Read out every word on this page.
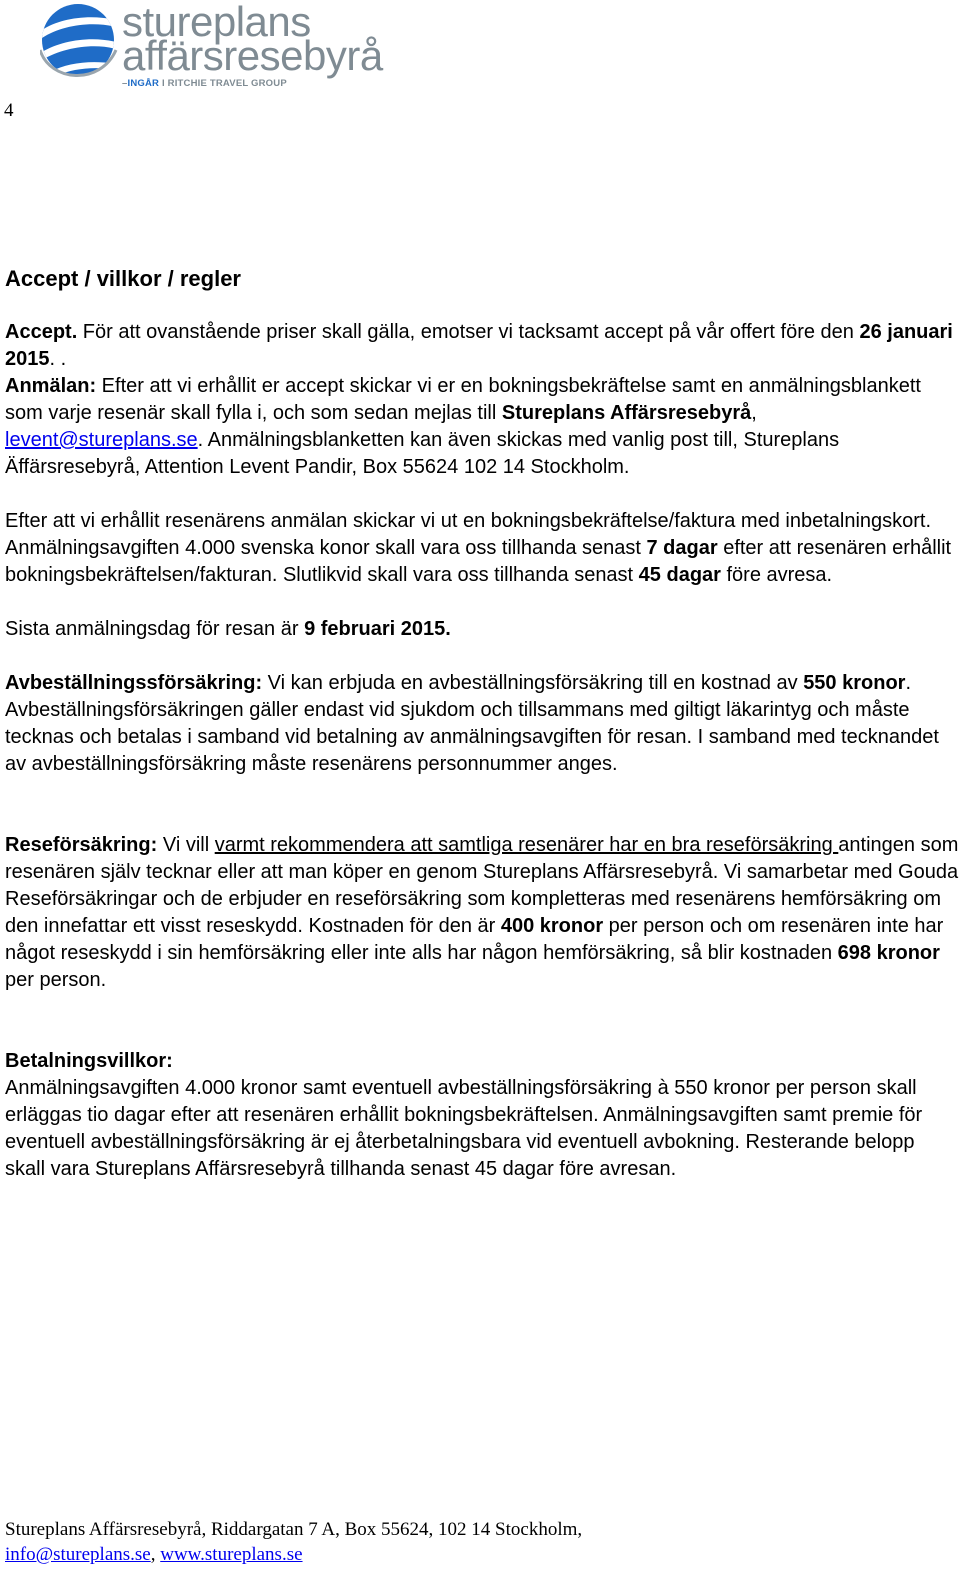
4
stureplans
affärsresebyrå
–INGÅR I RITCHIE TRAVEL GROUP
Accept / villkor / regler

Accept. För att ovanstående priser skall gälla, emotser vi tacksamt accept på vår offert före den 26 januari 2015. .
Anmälan: Efter att vi erhållit er accept skickar vi er en bokningsbekräftelse samt en anmälningsblankett som varje resenär skall fylla i, och som sedan mejlas till Stureplans Affärsresebyrå, levent@stureplans.se. Anmälningsblanketten kan även skickas med vanlig post till, Stureplans Äffärsresebyrå, Attention Levent Pandir, Box 55624 102 14 Stockholm.

Efter att vi erhållit resenärens anmälan skickar vi ut en bokningsbekräftelse/faktura med inbetalningskort. Anmälningsavgiften 4.000 svenska konor skall vara oss tillhanda senast 7 dagar efter att resenären erhållit bokningsbekräftelsen/fakturan. Slutlikvid skall vara oss tillhanda senast 45 dagar före avresa.

Sista anmälningsdag för resan är 9 februari 2015.

Avbeställningssförsäkring: Vi kan erbjuda en avbeställningsförsäkring till en kostnad av 550 kronor. Avbeställningsförsäkringen gäller endast vid sjukdom och tillsammans med giltigt läkarintyg och måste tecknas och betalas i samband vid betalning av anmälningsavgiften för resan. I samband med tecknandet av avbeställningsförsäkring måste resenärens personnummer anges.

Reseförsäkring: Vi vill varmt rekommendera att samtliga resenärer har en bra reseförsäkring antingen som resenären själv tecknar eller att man köper en genom Stureplans Affärsresebyrå. Vi samarbetar med Gouda Reseförsäkringar och de erbjuder en reseförsäkring som kompletteras med resenärens hemförsäkring om den innefattar ett visst reseskydd. Kostnaden för den är 400 kronor per person och om resenären inte har något reseskydd i sin hemförsäkring eller inte alls har någon hemförsäkring, så blir kostnaden 698 kronor per person.

Betalningsvillkor:
Anmälningsavgiften 4.000 kronor samt eventuell avbeställningsförsäkring à 550 kronor per person skall erläggas tio dagar efter att resenären erhållit bokningsbekräftelsen. Anmälningsavgiften samt premie för eventuell avbeställningsförsäkring är ej återbetalningsbara vid eventuell avbokning. Resterande belopp skall vara Stureplans Affärsresebyrå tillhanda senast 45 dagar före avresan.

Stureplans Affärsresebyrå, Riddargatan 7 A, Box 55624, 102 14 Stockholm,
info@stureplans.se, www.stureplans.se
